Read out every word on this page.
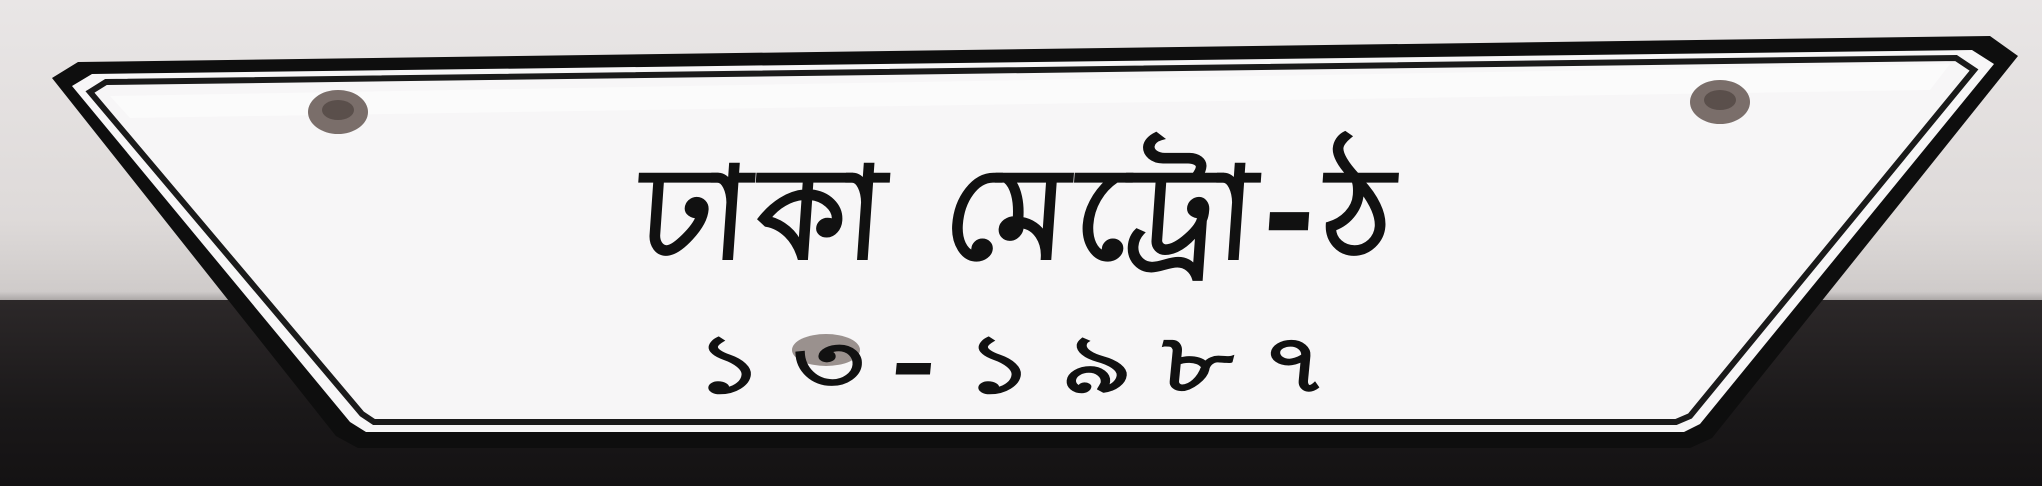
ঢাকা মেট্রো-ঠ
১৩-১৯৮৭
